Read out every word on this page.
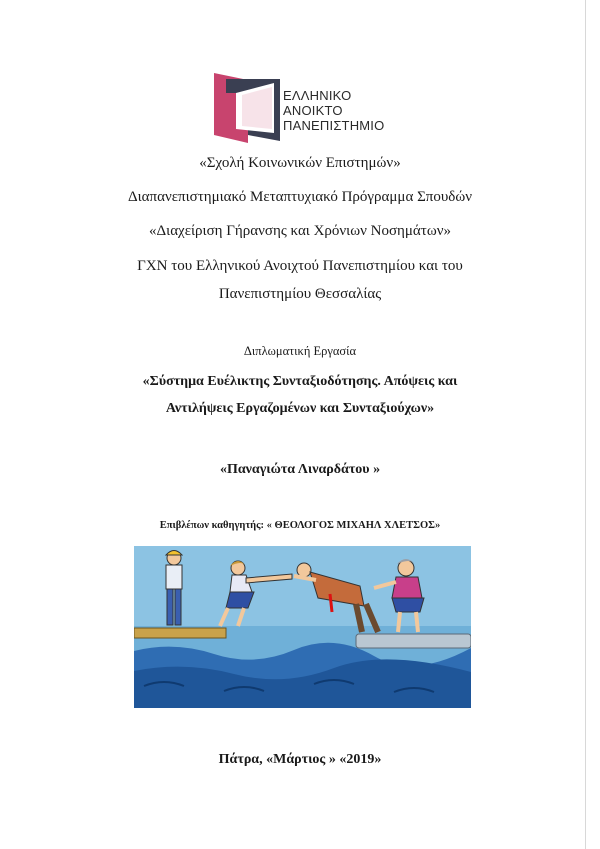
ΕΛΛΗΝΙΚΟ
ΑΝΟΙΚΤΟ
ΠΑΝΕΠΙΣΤΗΜΙΟ
«Σχολή Κοινωνικών Επιστημών»
Διαπανεπιστημιακό Μεταπτυχιακό Πρόγραμμα Σπουδών
«Διαχείριση Γήρανσης και Χρόνιων Νοσημάτων»
ΓΧΝ του Ελληνικού Ανοιχτού Πανεπιστημίου και του
Πανεπιστημίου Θεσσαλίας
Διπλωματική Εργασία
«Σύστημα Ευέλικτης Συνταξιοδότησης. Απόψεις και
Αντιλήψεις Εργαζομένων και Συνταξιούχων»
«Παναγιώτα Λιναρδάτου »
Επιβλέπων καθηγητής: « ΘΕΟΛΟΓΟΣ ΜΙΧΑΗΛ ΧΛΕΤΣΟΣ»
Πάτρα, «Μάρτιος » «2019»
